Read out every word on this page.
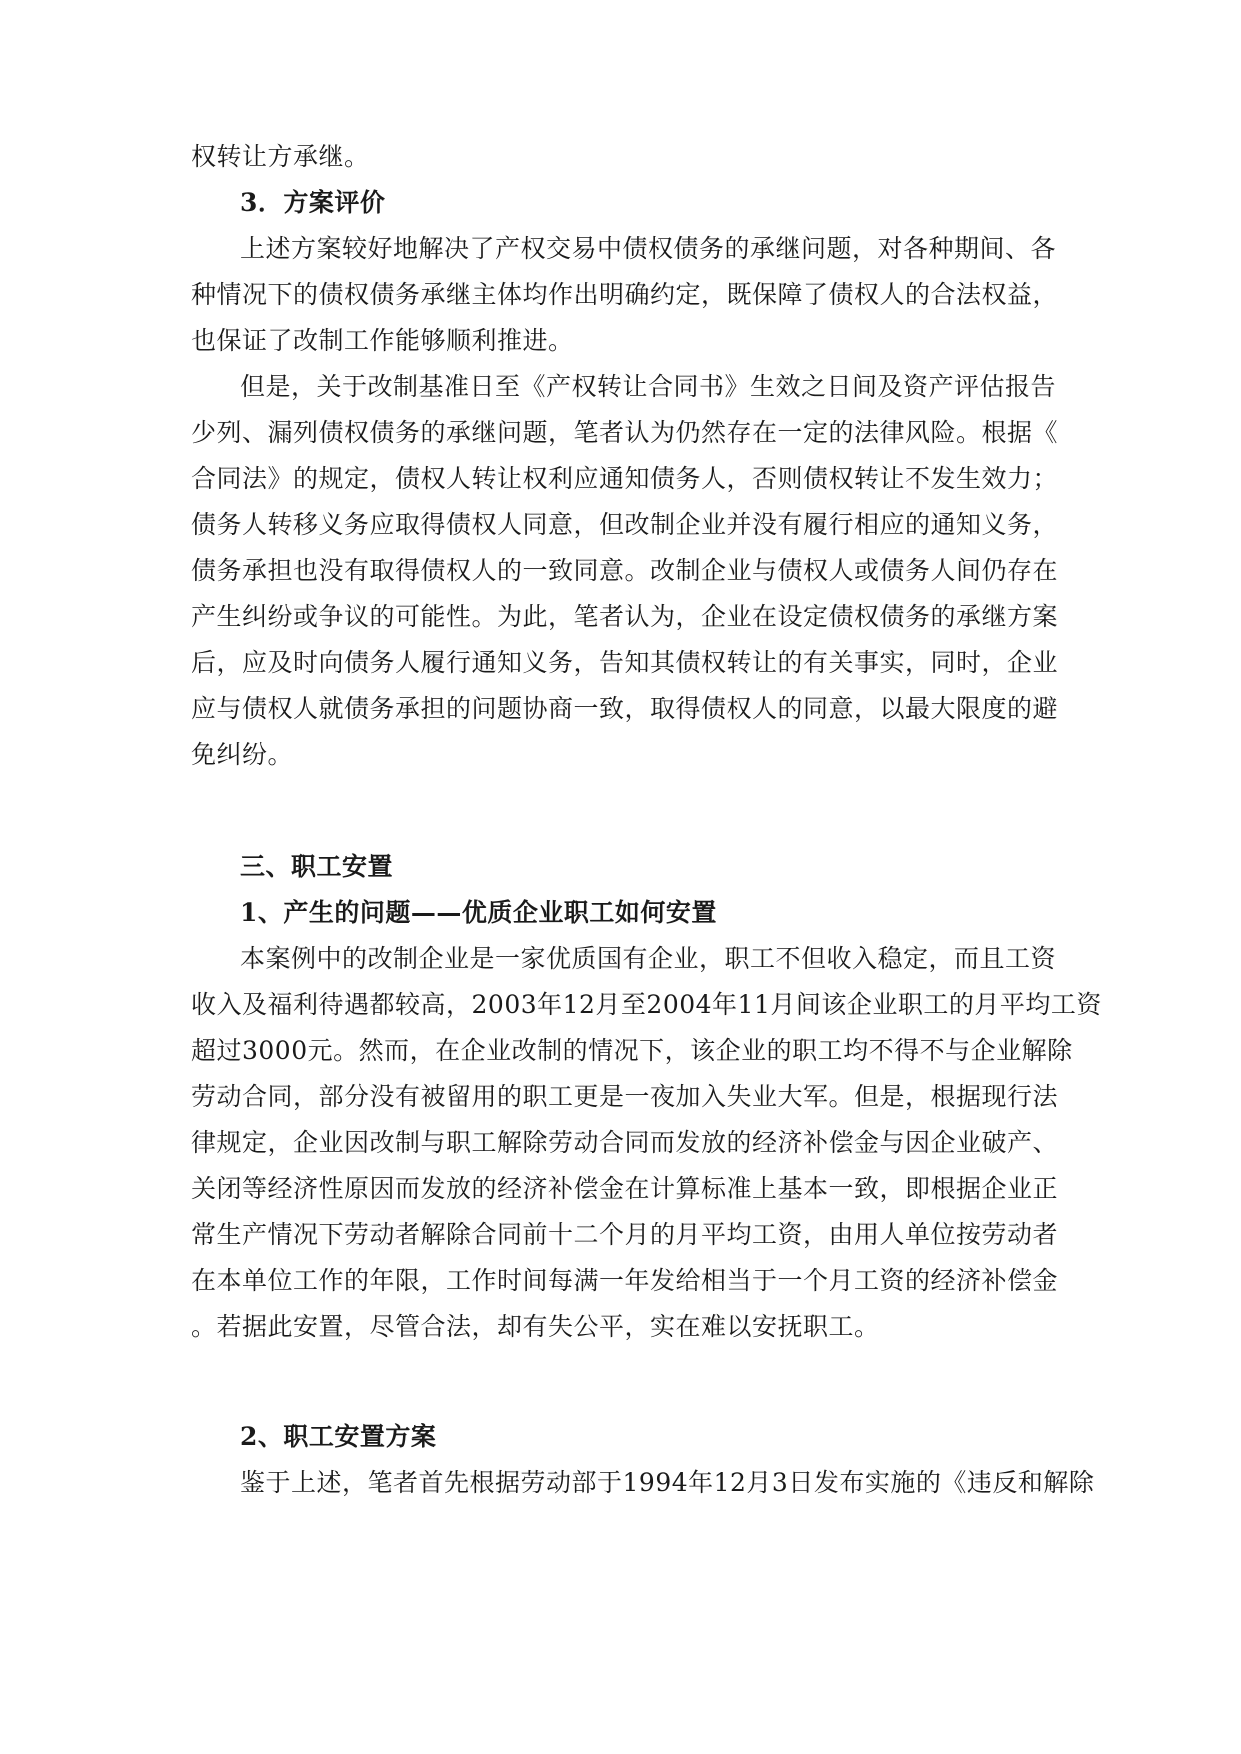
权转让方承继。
3．方案评价
上述方案较好地解决了产权交易中债权债务的承继问题，对各种期间、各
种情况下的债权债务承继主体均作出明确约定，既保障了债权人的合法权益，
也保证了改制工作能够顺利推进。
但是，关于改制基准日至《产权转让合同书》生效之日间及资产评估报告
少列、漏列债权债务的承继问题，笔者认为仍然存在一定的法律风险。根据《
合同法》的规定，债权人转让权利应通知债务人，否则债权转让不发生效力；
债务人转移义务应取得债权人同意，但改制企业并没有履行相应的通知义务，
债务承担也没有取得债权人的一致同意。改制企业与债权人或债务人间仍存在
产生纠纷或争议的可能性。为此，笔者认为，企业在设定债权债务的承继方案
后，应及时向债务人履行通知义务，告知其债权转让的有关事实，同时，企业
应与债权人就债务承担的问题协商一致，取得债权人的同意，以最大限度的避
免纠纷。
三、职工安置
1、产生的问题——优质企业职工如何安置
本案例中的改制企业是一家优质国有企业，职工不但收入稳定，而且工资
收入及福利待遇都较高，2003年12月至2004年11月间该企业职工的月平均工资
超过3000元。然而，在企业改制的情况下，该企业的职工均不得不与企业解除
劳动合同，部分没有被留用的职工更是一夜加入失业大军。但是，根据现行法
律规定，企业因改制与职工解除劳动合同而发放的经济补偿金与因企业破产、
关闭等经济性原因而发放的经济补偿金在计算标准上基本一致，即根据企业正
常生产情况下劳动者解除合同前十二个月的月平均工资，由用人单位按劳动者
在本单位工作的年限，工作时间每满一年发给相当于一个月工资的经济补偿金
。若据此安置，尽管合法，却有失公平，实在难以安抚职工。
2、职工安置方案
鉴于上述，笔者首先根据劳动部于1994年12月3日发布实施的《违反和解除
